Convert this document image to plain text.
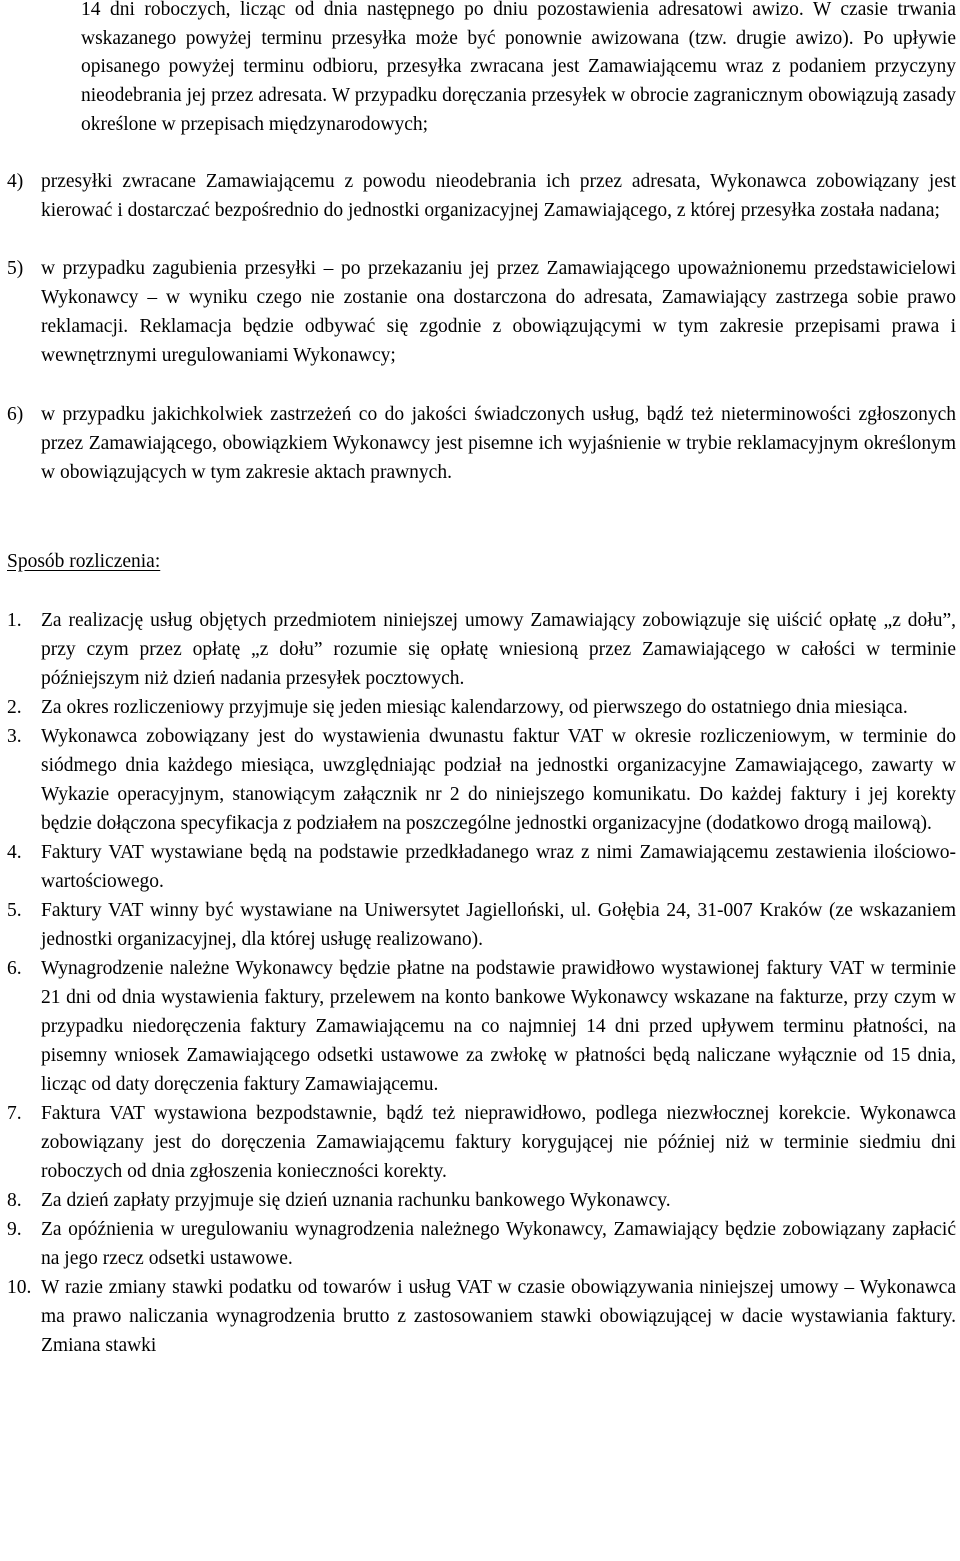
14 dni roboczych, licząc od dnia następnego po dniu pozostawienia adresatowi awizo. W czasie trwania wskazanego powyżej terminu przesyłka może być ponownie awizowana (tzw. drugie awizo). Po upływie opisanego powyżej terminu odbioru, przesyłka zwracana jest Zamawiającemu wraz z podaniem przyczyny nieodebrania jej przez adresata. W przypadku doręczania przesyłek w obrocie zagranicznym obowiązują zasady określone w przepisach międzynarodowych;

4) przesyłki zwracane Zamawiającemu z powodu nieodebrania ich przez adresata, Wykonawca zobowiązany jest kierować i dostarczać bezpośrednio do jednostki organizacyjnej Zamawiającego, z której przesyłka została nadana;
5) w przypadku zagubienia przesyłki – po przekazaniu jej przez Zamawiającego upoważnionemu przedstawicielowi Wykonawcy – w wyniku czego nie zostanie ona dostarczona do adresata, Zamawiający zastrzega sobie prawo reklamacji. Reklamacja będzie odbywać się zgodnie z obowiązującymi w tym zakresie przepisami prawa i wewnętrznymi uregulowaniami Wykonawcy;
6) w przypadku jakichkolwiek zastrzeżeń co do jakości świadczonych usług, bądź też nieterminowości zgłoszonych przez Zamawiającego, obowiązkiem Wykonawcy jest pisemne ich wyjaśnienie w trybie reklamacyjnym określonym w obowiązujących w tym zakresie aktach prawnych.
Sposób rozliczenia:
1. Za realizację usług objętych przedmiotem niniejszej umowy Zamawiający zobowiązuje się uiścić opłatę „z dołu”, przy czym przez opłatę „z dołu” rozumie się opłatę wniesioną przez Zamawiającego w całości w terminie późniejszym niż dzień nadania przesyłek pocztowych.
2. Za okres rozliczeniowy przyjmuje się jeden miesiąc kalendarzowy, od pierwszego do ostatniego dnia miesiąca.
3. Wykonawca zobowiązany jest do wystawienia dwunastu faktur VAT w okresie rozliczeniowym, w terminie do siódmego dnia każdego miesiąca, uwzględniając podział na jednostki organizacyjne Zamawiającego, zawarty w Wykazie operacyjnym, stanowiącym załącznik nr 2 do niniejszego komunikatu. Do każdej faktury i jej korekty będzie dołączona specyfikacja z podziałem na poszczególne jednostki organizacyjne (dodatkowo drogą mailową).
4. Faktury VAT wystawiane będą na podstawie przedkładanego wraz z nimi Zamawiającemu zestawienia ilościowo-wartościowego.
5. Faktury VAT winny być wystawiane na Uniwersytet Jagielloński, ul. Gołębia 24, 31-007 Kraków (ze wskazaniem jednostki organizacyjnej, dla której usługę realizowano).
6. Wynagrodzenie należne Wykonawcy będzie płatne na podstawie prawidłowo wystawionej faktury VAT w terminie 21 dni od dnia wystawienia faktury, przelewem na konto bankowe Wykonawcy wskazane na fakturze, przy czym w przypadku niedoręczenia faktury Zamawiającemu na co najmniej 14 dni przed upływem terminu płatności, na pisemny wniosek Zamawiającego odsetki ustawowe za zwłokę w płatności będą naliczane wyłącznie od 15 dnia, licząc od daty doręczenia faktury Zamawiającemu.
7. Faktura VAT wystawiona bezpodstawnie, bądź też nieprawidłowo, podlega niezwłocznej korekcie. Wykonawca zobowiązany jest do doręczenia Zamawiającemu faktury korygującej nie później niż w terminie siedmiu dni roboczych od dnia zgłoszenia konieczności korekty.
8. Za dzień zapłaty przyjmuje się dzień uznania rachunku bankowego Wykonawcy.
9. Za opóźnienia w uregulowaniu wynagrodzenia należnego Wykonawcy, Zamawiający będzie zobowiązany zapłacić na jego rzecz odsetki ustawowe.
10. W razie zmiany stawki podatku od towarów i usług VAT w czasie obowiązywania niniejszej umowy – Wykonawca ma prawo naliczania wynagrodzenia brutto z zastosowaniem stawki obowiązującej w dacie wystawiania faktury. Zmiana stawki
